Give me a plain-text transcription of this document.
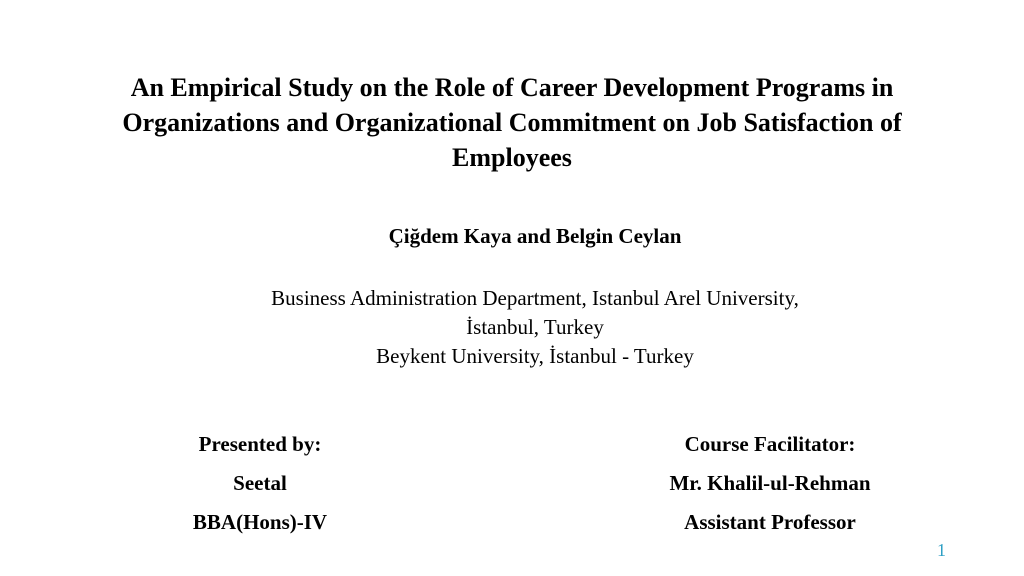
An Empirical Study on the Role of Career Development Programs in
Organizations and Organizational Commitment on Job Satisfaction of
Employees

Çiğdem Kaya and Belgin Ceylan

Business Administration Department, Istanbul Arel University,
İstanbul, Turkey
Beykent University, İstanbul - Turkey
Presented by:
Seetal
BBA(Hons)-IV
Course Facilitator:
Mr. Khalil-ul-Rehman
Assistant Professor
1
